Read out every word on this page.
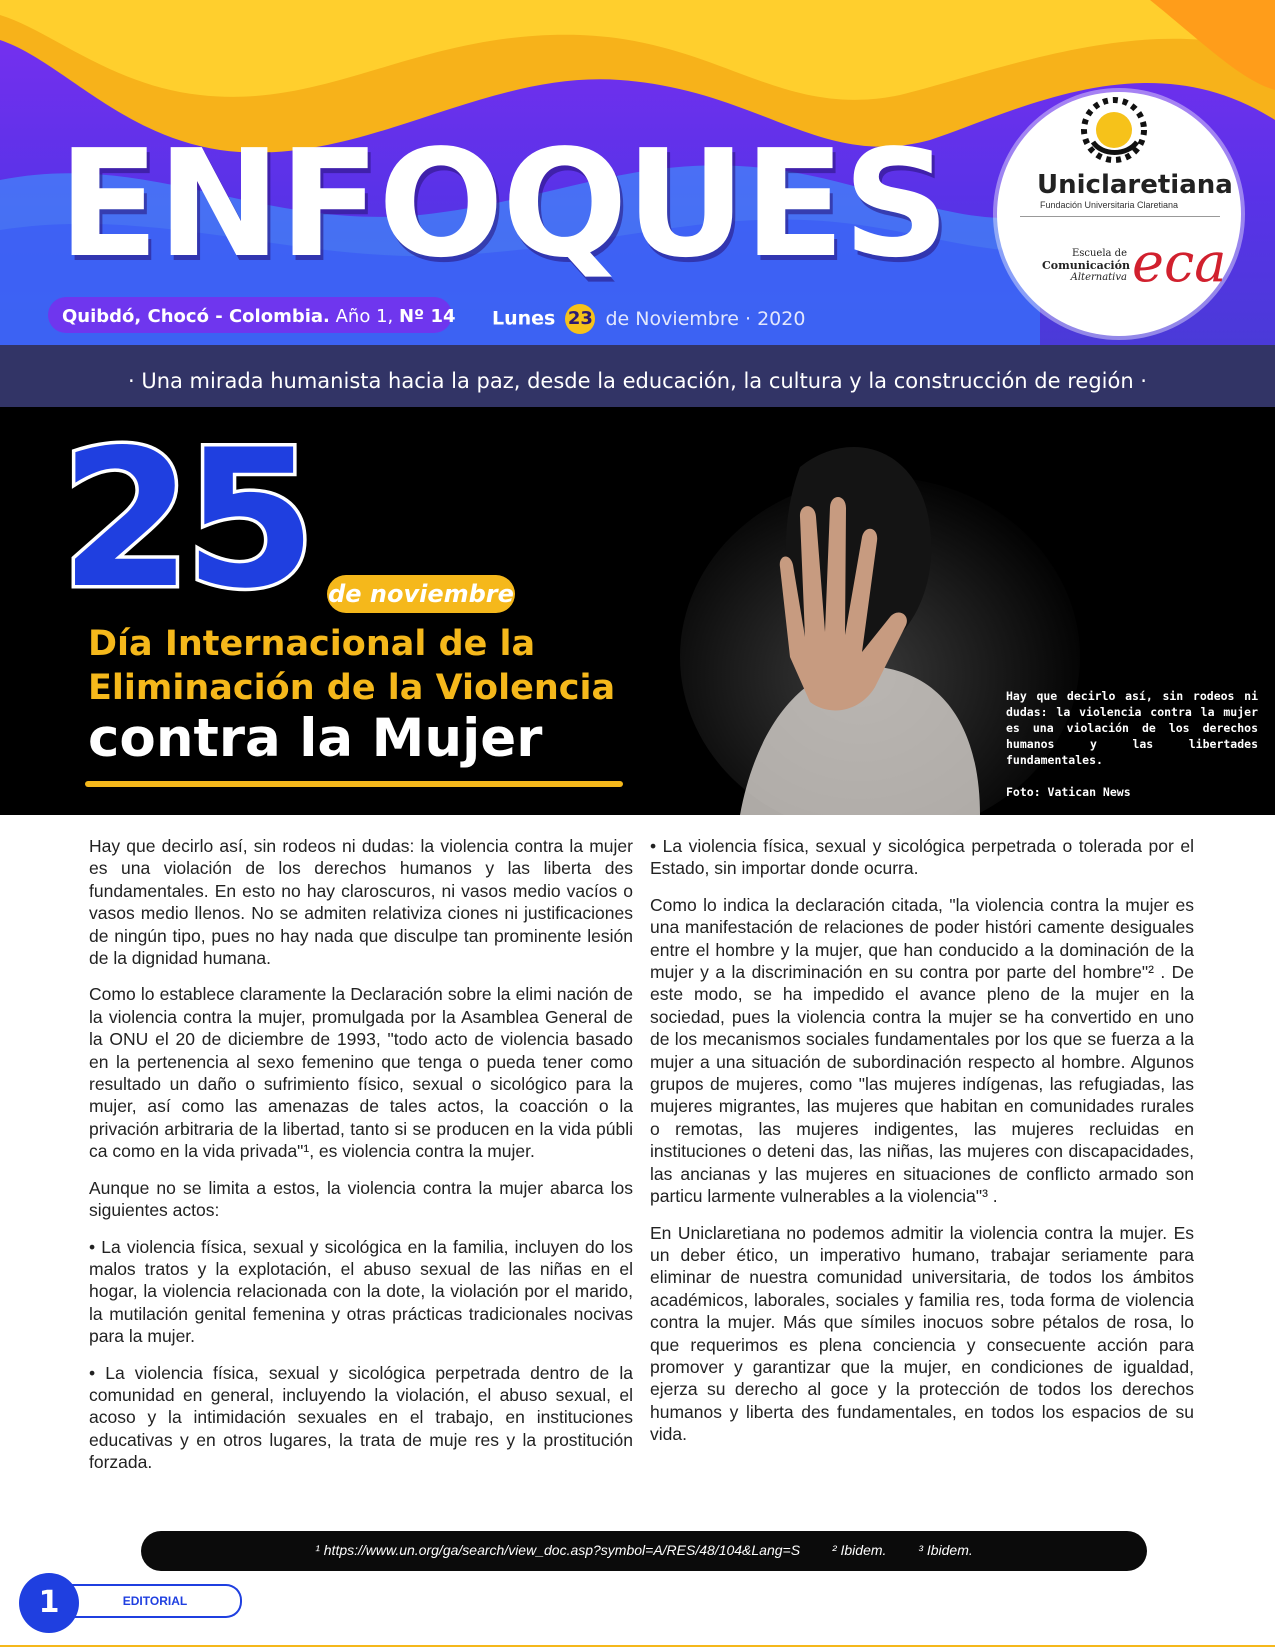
ENFOQUES	Uniclaretiana
Fundación Universitaria Claretiana
Escuela de
Comunicación
Alternativa eca
Quibdó, Chocó - Colombia. Año 1, Nº 14 Lunes 23 de Noviembre · 2020
· Una mirada humanista hacia la paz, desde la educación, la cultura y la construcción de región ·
25 de noviembre
Día Internacional de la
Eliminación de la Violencia
contra la Mujer
Hay que decirlo así, sin rodeos ni dudas: la violencia contra la mujer es una violación de los derechos humanos y las libertades fundamentales.
Foto: Vatican News

Hay que decirlo así, sin rodeos ni dudas: la violencia contra la mujer es una violación de los derechos humanos y las liberta des fundamentales. En esto no hay claroscuros, ni vasos medio vacíos o vasos medio llenos. No se admiten relativiza ciones ni justificaciones de ningún tipo, pues no hay nada que disculpe tan prominente lesión de la dignidad humana.

Como lo establece claramente la Declaración sobre la elimi nación de la violencia contra la mujer, promulgada por la Asamblea General de la ONU el 20 de diciembre de 1993, "todo acto de violencia basado en la pertenencia al sexo femenino que tenga o pueda tener como resultado un daño o sufrimiento físico, sexual o sicológico para la mujer, así como las amenazas de tales actos, la coacción o la privación arbitraria de la libertad, tanto si se producen en la vida públi ca como en la vida privada"¹, es violencia contra la mujer.

Aunque no se limita a estos, la violencia contra la mujer abarca los siguientes actos:

• La violencia física, sexual y sicológica en la familia, incluyen do los malos tratos y la explotación, el abuso sexual de las niñas en el hogar, la violencia relacionada con la dote, la violación por el marido, la mutilación genital femenina y otras prácticas tradicionales nocivas para la mujer.

• La violencia física, sexual y sicológica perpetrada dentro de la comunidad en general, incluyendo la violación, el abuso sexual, el acoso y la intimidación sexuales en el trabajo, en instituciones educativas y en otros lugares, la trata de muje res y la prostitución forzada.

• La violencia física, sexual y sicológica perpetrada o tolerada por el Estado, sin importar donde ocurra.

Como lo indica la declaración citada, "la violencia contra la mujer es una manifestación de relaciones de poder históri camente desiguales entre el hombre y la mujer, que han conducido a la dominación de la mujer y a la discriminación en su contra por parte del hombre"² . De este modo, se ha impedido el avance pleno de la mujer en la sociedad, pues la violencia contra la mujer se ha convertido en uno de los mecanismos sociales fundamentales por los que se fuerza a la mujer a una situación de subordinación respecto al hombre. Algunos grupos de mujeres, como "las mujeres indígenas, las refugiadas, las mujeres migrantes, las mujeres que habitan en comunidades rurales o remotas, las mujeres indigentes, las mujeres recluidas en instituciones o deteni das, las niñas, las mujeres con discapacidades, las ancianas y las mujeres en situaciones de conflicto armado son particu larmente vulnerables a la violencia"³ .

En Uniclaretiana no podemos admitir la violencia contra la mujer. Es un deber ético, un imperativo humano, trabajar seriamente para eliminar de nuestra comunidad universitaria, de todos los ámbitos académicos, laborales, sociales y familia res, toda forma de violencia contra la mujer. Más que símiles inocuos sobre pétalos de rosa, lo que requerimos es plena conciencia y consecuente acción para promover y garantizar que la mujer, en condiciones de igualdad, ejerza su derecho al goce y la protección de todos los derechos humanos y liberta des fundamentales, en todos los espacios de su vida.

¹ https://www.un.org/ga/search/view_doc.asp?symbol=A/RES/48/104&Lang=S ² Ibidem. ³ Ibidem.
1	EDITORIAL
